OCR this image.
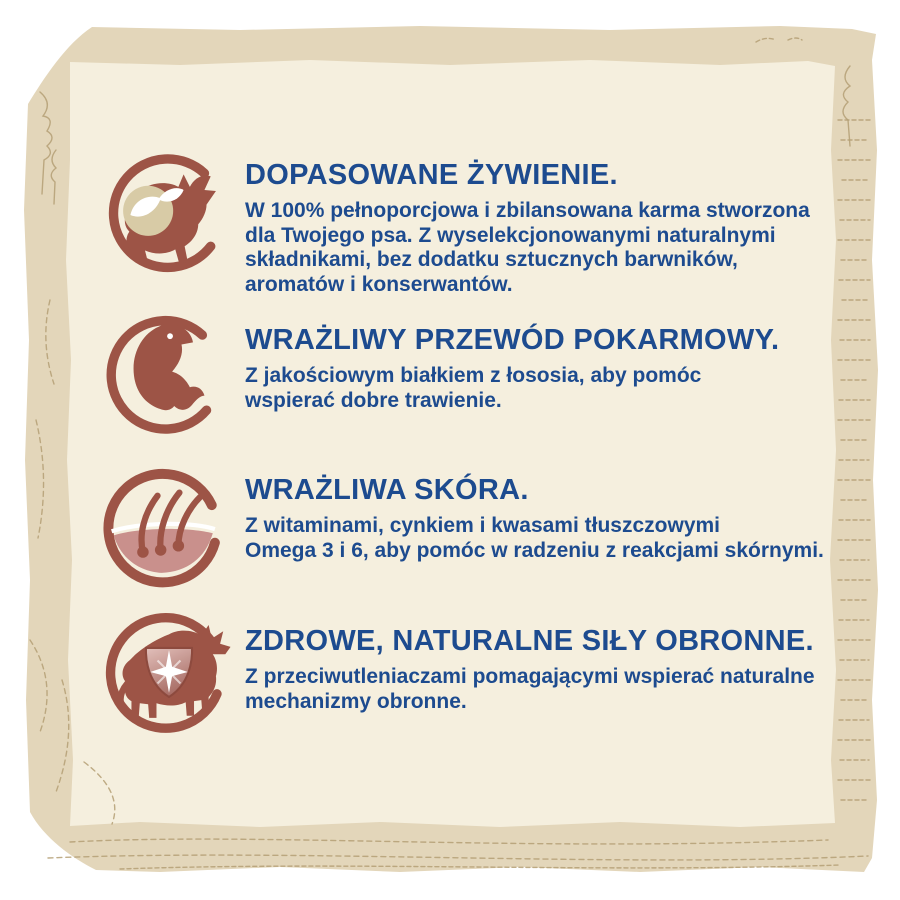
DOPASOWANE ŻYWIENIE.
W 100% pełnoporcjowa i zbilansowana karma stworzona
dla Twojego psa. Z wyselekcjonowanymi naturalnymi
składnikami, bez dodatku sztucznych barwników,
aromatów i konserwantów.
WRAŻLIWY PRZEWÓD POKARMOWY.
Z jakościowym białkiem z łososia, aby pomóc
wspierać dobre trawienie.
WRAŻLIWA SKÓRA.
Z witaminami, cynkiem i kwasami tłuszczowymi
Omega 3 i 6, aby pomóc w radzeniu z reakcjami skórnymi.
ZDROWE, NATURALNE SIŁY OBRONNE.
Z przeciwutleniaczami pomagającymi wspierać naturalne
mechanizmy obronne.
